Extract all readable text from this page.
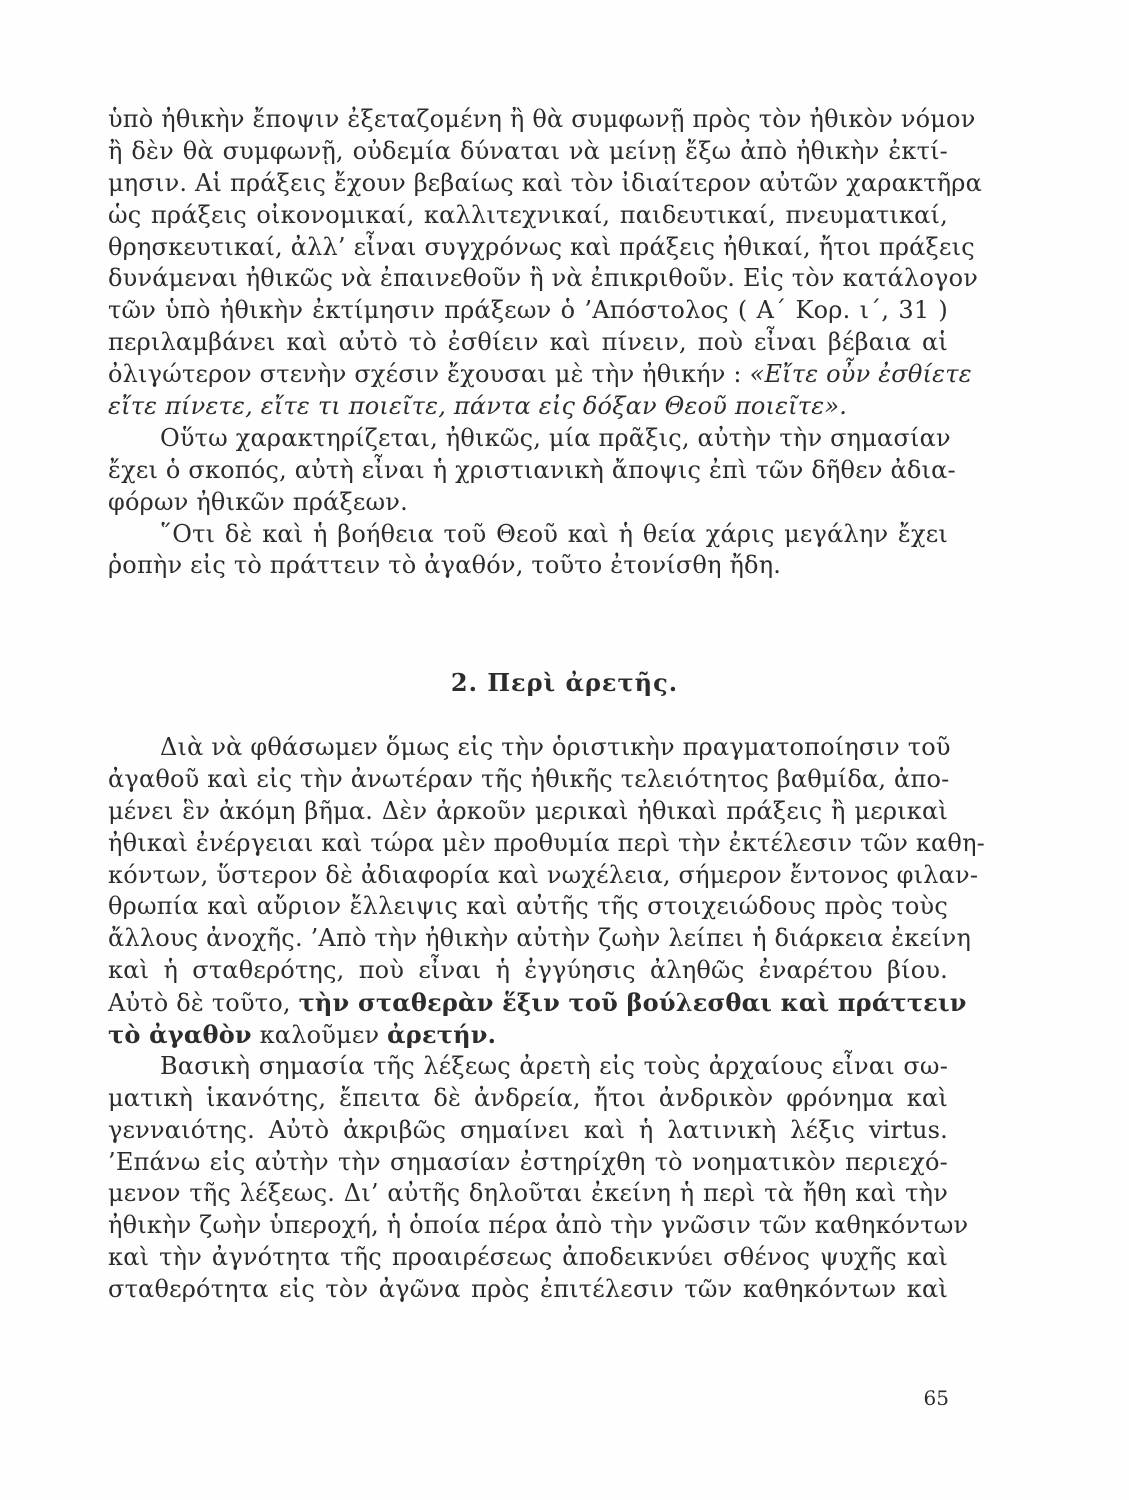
ὑπὸ ἠθικὴν ἔποψιν ἐξεταζομένη ἢ θὰ συμφωνῇ πρὸς τὸν ἠθικὸν νόμον
ἢ δὲν θὰ συμφωνῇ, οὐδεμία δύναται νὰ μείνῃ ἔξω ἀπὸ ἠθικὴν ἐκτί-
μησιν. Αἱ πράξεις ἔχουν βεβαίως καὶ τὸν ἰδιαίτερον αὐτῶν χαρακτῆρα
ὡς πράξεις οἰκονομικαί, καλλιτεχνικαί, παιδευτικαί, πνευματικαί,
θρησκευτικαί, ἀλλ’ εἶναι συγχρόνως καὶ πράξεις ἠθικαί, ἤτοι πράξεις
δυνάμεναι ἠθικῶς νὰ ἐπαινεθοῦν ἢ νὰ ἐπικριθοῦν. Εἰς τὸν κατάλογον
τῶν ὑπὸ ἠθικὴν ἐκτίμησιν πράξεων ὁ ’Απόστολος ( Α΄ Κορ. ι΄, 31 )
περιλαμβάνει καὶ αὐτὸ τὸ ἐσθίειν καὶ πίνειν, ποὺ εἶναι βέβαια αἱ
ὀλιγώτερον στενὴν σχέσιν ἔχουσαι μὲ τὴν ἠθικήν : «Εἴτε οὖν ἐσθίετε
εἴτε πίνετε, εἴτε τι ποιεῖτε, πάντα εἰς δόξαν Θεοῦ ποιεῖτε».
Οὕτω χαρακτηρίζεται, ἠθικῶς, μία πρᾶξις, αὐτὴν τὴν σημασίαν
ἔχει ὁ σκοπός, αὐτὴ εἶναι ἡ χριστιανικὴ ἄποψις ἐπὶ τῶν δῆθεν ἀδια-
φόρων ἠθικῶν πράξεων.
῞Οτι δὲ καὶ ἡ βοήθεια τοῦ Θεοῦ καὶ ἡ θεία χάρις μεγάλην ἔχει
ῥοπὴν εἰς τὸ πράττειν τὸ ἀγαθόν, τοῦτο ἐτονίσθη ἤδη.
2. Περὶ ἀρετῆς.
Διὰ νὰ φθάσωμεν ὅμως εἰς τὴν ὁριστικὴν πραγματοποίησιν τοῦ
ἀγαθοῦ καὶ εἰς τὴν ἀνωτέραν τῆς ἠθικῆς τελειότητος βαθμίδα, ἀπο-
μένει ἓν ἀκόμη βῆμα. Δὲν ἀρκοῦν μερικαὶ ἠθικαὶ πράξεις ἢ μερικαὶ
ἠθικαὶ ἐνέργειαι καὶ τώρα μὲν προθυμία περὶ τὴν ἐκτέλεσιν τῶν καθη-
κόντων, ὕστερον δὲ ἀδιαφορία καὶ νωχέλεια, σήμερον ἔντονος φιλαν-
θρωπία καὶ αὔριον ἔλλειψις καὶ αὐτῆς τῆς στοιχειώδους πρὸς τοὺς
ἄλλους ἀνοχῆς. ’Απὸ τὴν ἠθικὴν αὐτὴν ζωὴν λείπει ἡ διάρκεια ἐκείνη
καὶ ἡ σταθερότης, ποὺ εἶναι ἡ ἐγγύησις ἀληθῶς ἐναρέτου βίου.
Αὐτὸ δὲ τοῦτο, τὴν σταθερὰν ἕξιν τοῦ βούλεσθαι καὶ πράττειν
τὸ ἀγαθὸν καλοῦμεν ἀρετήν.
Βασικὴ σημασία τῆς λέξεως ἀρετὴ εἰς τοὺς ἀρχαίους εἶναι σω-
ματικὴ ἱκανότης, ἔπειτα δὲ ἀνδρεία, ἤτοι ἀνδρικὸν φρόνημα καὶ
γενναιότης. Αὐτὸ ἀκριβῶς σημαίνει καὶ ἡ λατινικὴ λέξις virtus.
’Επάνω εἰς αὐτὴν τὴν σημασίαν ἐστηρίχθη τὸ νοηματικὸν περιεχό-
μενον τῆς λέξεως. Δι’ αὐτῆς δηλοῦται ἐκείνη ἡ περὶ τὰ ἤθη καὶ τὴν
ἠθικὴν ζωὴν ὑπεροχή, ἡ ὁποία πέρα ἀπὸ τὴν γνῶσιν τῶν καθηκόντων
καὶ τὴν ἀγνότητα τῆς προαιρέσεως ἀποδεικνύει σθένος ψυχῆς καὶ
σταθερότητα εἰς τὸν ἀγῶνα πρὸς ἐπιτέλεσιν τῶν καθηκόντων καὶ
65
